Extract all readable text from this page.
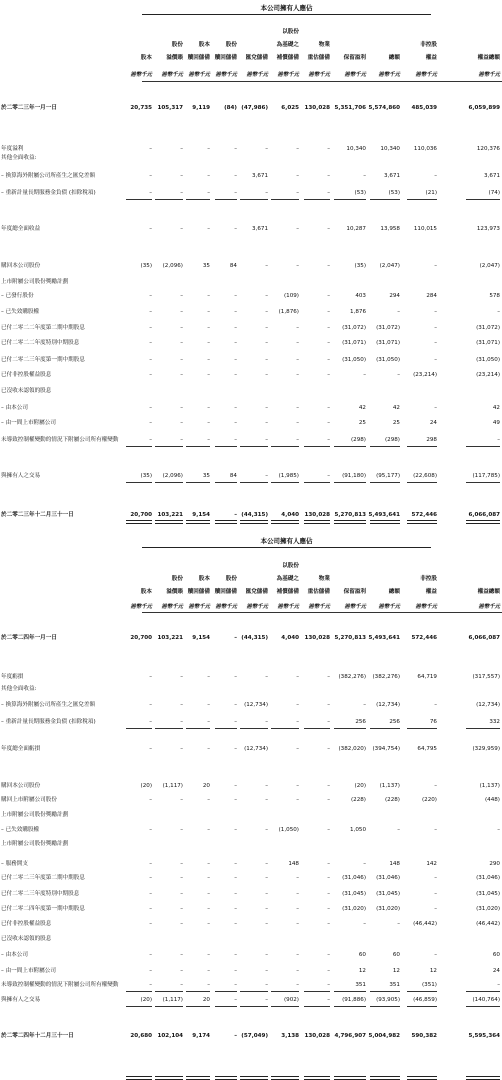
本公司擁有人應佔
股本
港幣千元
股份
溢價賬
港幣千元
股本
贖回儲備
港幣千元
股份
贖回儲備
港幣千元
匯兌儲備
港幣千元
以股份
為基礎之
補償儲備
港幣千元
物業
重估儲備
港幣千元
保留溢利
港幣千元
總額
港幣千元
非控股
權益
港幣千元
權益總額
港幣千元
於二零二三年一月一日	20,735 105,317 9,119	(84) (47,986) 6,025 130,028 5,351,706 5,574,860 485,039	6,059,899
年度溢利	–	–	–	–	–	–	–	10,340	10,340 110,036	120,376
其他全面收益:
– 換算海外附屬公司所產生之匯兌差額	–	–	–	–	3,671	–	–	–	3,671	–	3,671
– 重新計量長期服務金負債 (扣除稅項)	–	–	–	–	–	–	–	(53)	(53)	(21)	(74)
年度總全面收益	–	–	–	–	3,671	–	–	10,287	13,958 110,015	123,973
購回本公司股份	(35) (2,096)	35	84	–	–	–	(35) (2,047)	–	(2,047)
上市附屬公司股份獎勵計劃
– 已發行股份	–	–	–	–	–	(109)	–	403	294	284	578
– 已失效購股權	–	–	–	–	– (1,876)	–	1,876	–	–	–
已付二零二二年度第二期中期股息	–	–	–	–	–	–	– (31,072) (31,072)	–	(31,072)
已付二零二二年度特別中期股息	–	–	–	–	–	–	– (31,071) (31,071)	–	(31,071)
已付二零二三年度第一期中期股息	–	–	–	–	–	–	– (31,050) (31,050)	–	(31,050)
已付非控股權益股息	–	–	–	–	–	–	–	–	– (23,214)	(23,214)
已沒收未認領的股息
– 由本公司	–	–	–	–	–	–	–	42	42	–	42
– 由一間上市附屬公司	–	–	–	–	–	–	–	25	25	24	49
未導致控制權變動的情況下附屬公司所有權變動	–	–	–	–	–	–	–	(298)	(298)	298	–
與擁有人之交易	(35) (2,096)	35	84	– (1,985)	– (91,180) (95,177) (22,608)	(117,785)
於二零二三年十二月三十一日	20,700 103,221 9,154	– (44,315) 4,040 130,028 5,270,813 5,493,641 572,446	6,066,087
本公司擁有人應佔
股本
港幣千元
股份
溢價賬
港幣千元
股本
贖回儲備
港幣千元
股份
贖回儲備
港幣千元
匯兌儲備
港幣千元
以股份
為基礎之
補償儲備
港幣千元
物業
重估儲備
港幣千元
保留溢利
港幣千元
總額
港幣千元
非控股
權益
港幣千元
權益總額
港幣千元
於二零二四年一月一日	20,700 103,221 9,154	– (44,315) 4,040 130,028 5,270,813 5,493,641 572,446	6,066,087
年度虧損	–	–	–	–	–	–	– (382,276) (382,276)	64,719	(317,557)
其他全面收益:
– 換算海外附屬公司所產生之匯兌差額	–	–	–	– (12,734)	–	–	– (12,734)	–	(12,734)
– 重新計量長期服務金負債 (扣除稅項)	–	–	–	–	–	–	–	256	256	76	332
年度總全面虧損	–	–	–	– (12,734)	–	– (382,020) (394,754)	64,795	(329,959)
購回本公司股份	(20) (1,117)	20	–	–	–	–	(20) (1,137)	–	(1,137)
購回上市附屬公司股份	–	–	–	–	–	–	–	(228)	(228)	(220)	(448)
上市附屬公司股份獎勵計劃
– 已失效購股權	–	–	–	–	– (1,050)	–	1,050	–	–	–
上市附屬公司股份獎勵計劃
– 服務開支	–	–	–	–	–	148	–	–	148	142	290
已付二零二三年度第二期中期股息	–	–	–	–	–	–	– (31,046) (31,046)	–	(31,046)
已付二零二三年度特別中期股息	–	–	–	–	–	–	– (31,045) (31,045)	–	(31,045)
已付二零二四年度第一期中期股息	–	–	–	–	–	–	– (31,020) (31,020)	–	(31,020)
已付非控股權益股息	–	–	–	–	–	–	–	–	– (46,442)	(46,442)
已沒收未認領的股息
– 由本公司	–	–	–	–	–	–	–	60	60	–	60
– 由一間上市附屬公司	–	–	–	–	–	–	–	12	12	12	24
未導致控制權變動的情況下附屬公司所有權變動	–	–	–	–	–	–	–	351	351	(351)	–
與擁有人之交易	(20) (1,117)	20	–	–	(902)	– (91,886) (93,905) (46,859)	(140,764)
於二零二四年十二月三十一日	20,680 102,104 9,174	– (57,049) 3,138 130,028 4,796,907 5,004,982 590,382	5,595,364
